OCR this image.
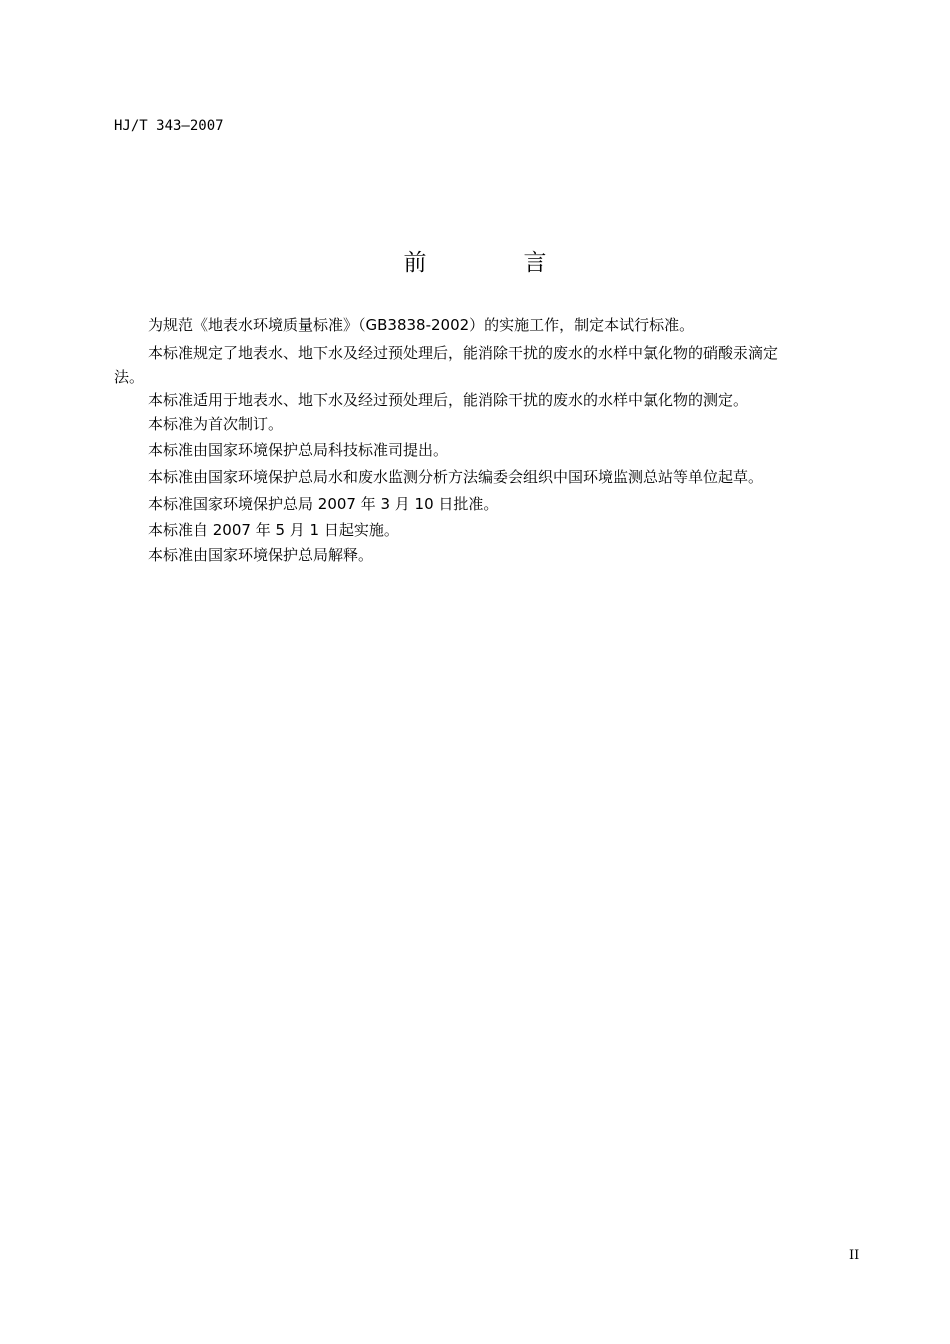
HJ/T 343—2007
前	言
为规范《地表水环境质量标准》（GB3838-2002）的实施工作，制定本试行标准。
本标准规定了地表水、地下水及经过预处理后，能消除干扰的废水的水样中氯化物的硝酸汞滴定
法。
本标准适用于地表水、地下水及经过预处理后，能消除干扰的废水的水样中氯化物的测定。
本标准为首次制订。
本标准由国家环境保护总局科技标准司提出。
本标准由国家环境保护总局水和废水监测分析方法编委会组织中国环境监测总站等单位起草。
本标准国家环境保护总局 2007 年 3 月 10 日批准。
本标准自 2007 年 5 月 1 日起实施。
本标准由国家环境保护总局解释。
II
